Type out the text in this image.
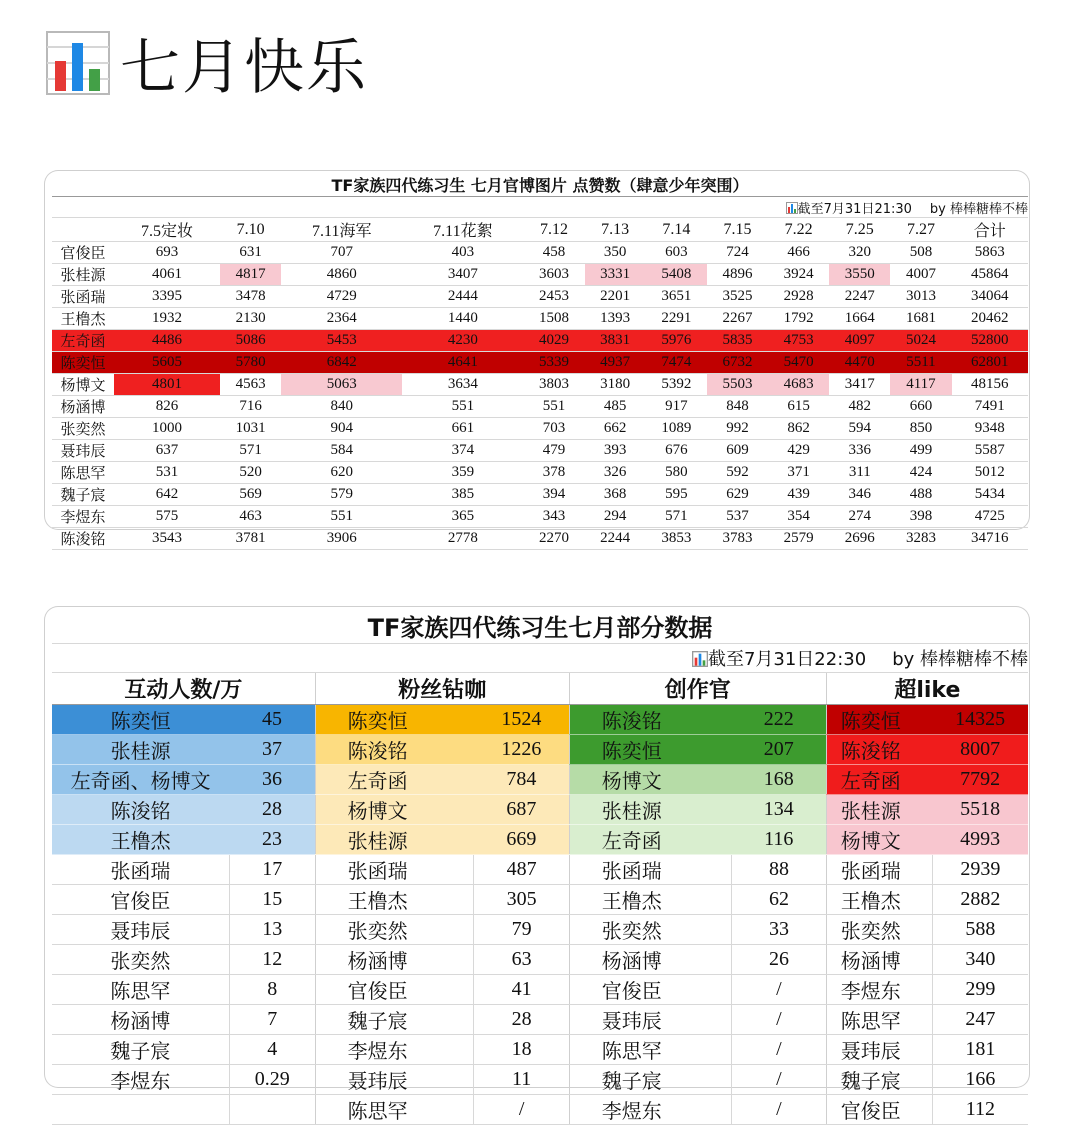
七月快乐
TF家族四代练习生 七月官博图片 点赞数（肆意少年突围）												
截至7月31日21:30 by 棒棒糖棒不棒												
	7.5定妆	7.10	7.11海军	7.11花絮	7.12	7.13	7.14	7.15	7.22	7.25	7.27	合计
官俊臣	693	631	707	403	458	350	603	724	466	320	508	5863
张桂源	4061	4817	4860	3407	3603	3331	5408	4896	3924	3550	4007	45864
张函瑞	3395	3478	4729	2444	2453	2201	3651	3525	2928	2247	3013	34064
王橹杰	1932	2130	2364	1440	1508	1393	2291	2267	1792	1664	1681	20462
左奇函	4486	5086	5453	4230	4029	3831	5976	5835	4753	4097	5024	52800
陈奕恒	5605	5780	6842	4641	5339	4937	7474	6732	5470	4470	5511	62801
杨博文	4801	4563	5063	3634	3803	3180	5392	5503	4683	3417	4117	48156
杨涵博	826	716	840	551	551	485	917	848	615	482	660	7491
张奕然	1000	1031	904	661	703	662	1089	992	862	594	850	9348
聂玮辰	637	571	584	374	479	393	676	609	429	336	499	5587
陈思罕	531	520	620	359	378	326	580	592	371	311	424	5012
魏子宸	642	569	579	385	394	368	595	629	439	346	488	5434
李煜东	575	463	551	365	343	294	571	537	354	274	398	4725
陈浚铭	3543	3781	3906	2778	2270	2244	3853	3783	2579	2696	3283	34716
TF家族四代练习生七月部分数据							
截至7月31日22:30 by 棒棒糖棒不棒							
互动人数/万		粉丝钻咖		创作官		超like	
陈奕恒	45	陈奕恒	1524	陈浚铭	222	陈奕恒	14325
张桂源	37	陈浚铭	1226	陈奕恒	207	陈浚铭	8007
左奇函、杨博文	36	左奇函	784	杨博文	168	左奇函	7792
陈浚铭	28	杨博文	687	张桂源	134	张桂源	5518
王橹杰	23	张桂源	669	左奇函	116	杨博文	4993
张函瑞	17	张函瑞	487	张函瑞	88	张函瑞	2939
官俊臣	15	王橹杰	305	王橹杰	62	王橹杰	2882
聂玮辰	13	张奕然	79	张奕然	33	张奕然	588
张奕然	12	杨涵博	63	杨涵博	26	杨涵博	340
陈思罕	8	官俊臣	41	官俊臣	/	李煜东	299
杨涵博	7	魏子宸	28	聂玮辰	/	陈思罕	247
魏子宸	4	李煜东	18	陈思罕	/	聂玮辰	181
李煜东	0.29	聂玮辰	11	魏子宸	/	魏子宸	166
		陈思罕	/	李煜东	/	官俊臣	112
